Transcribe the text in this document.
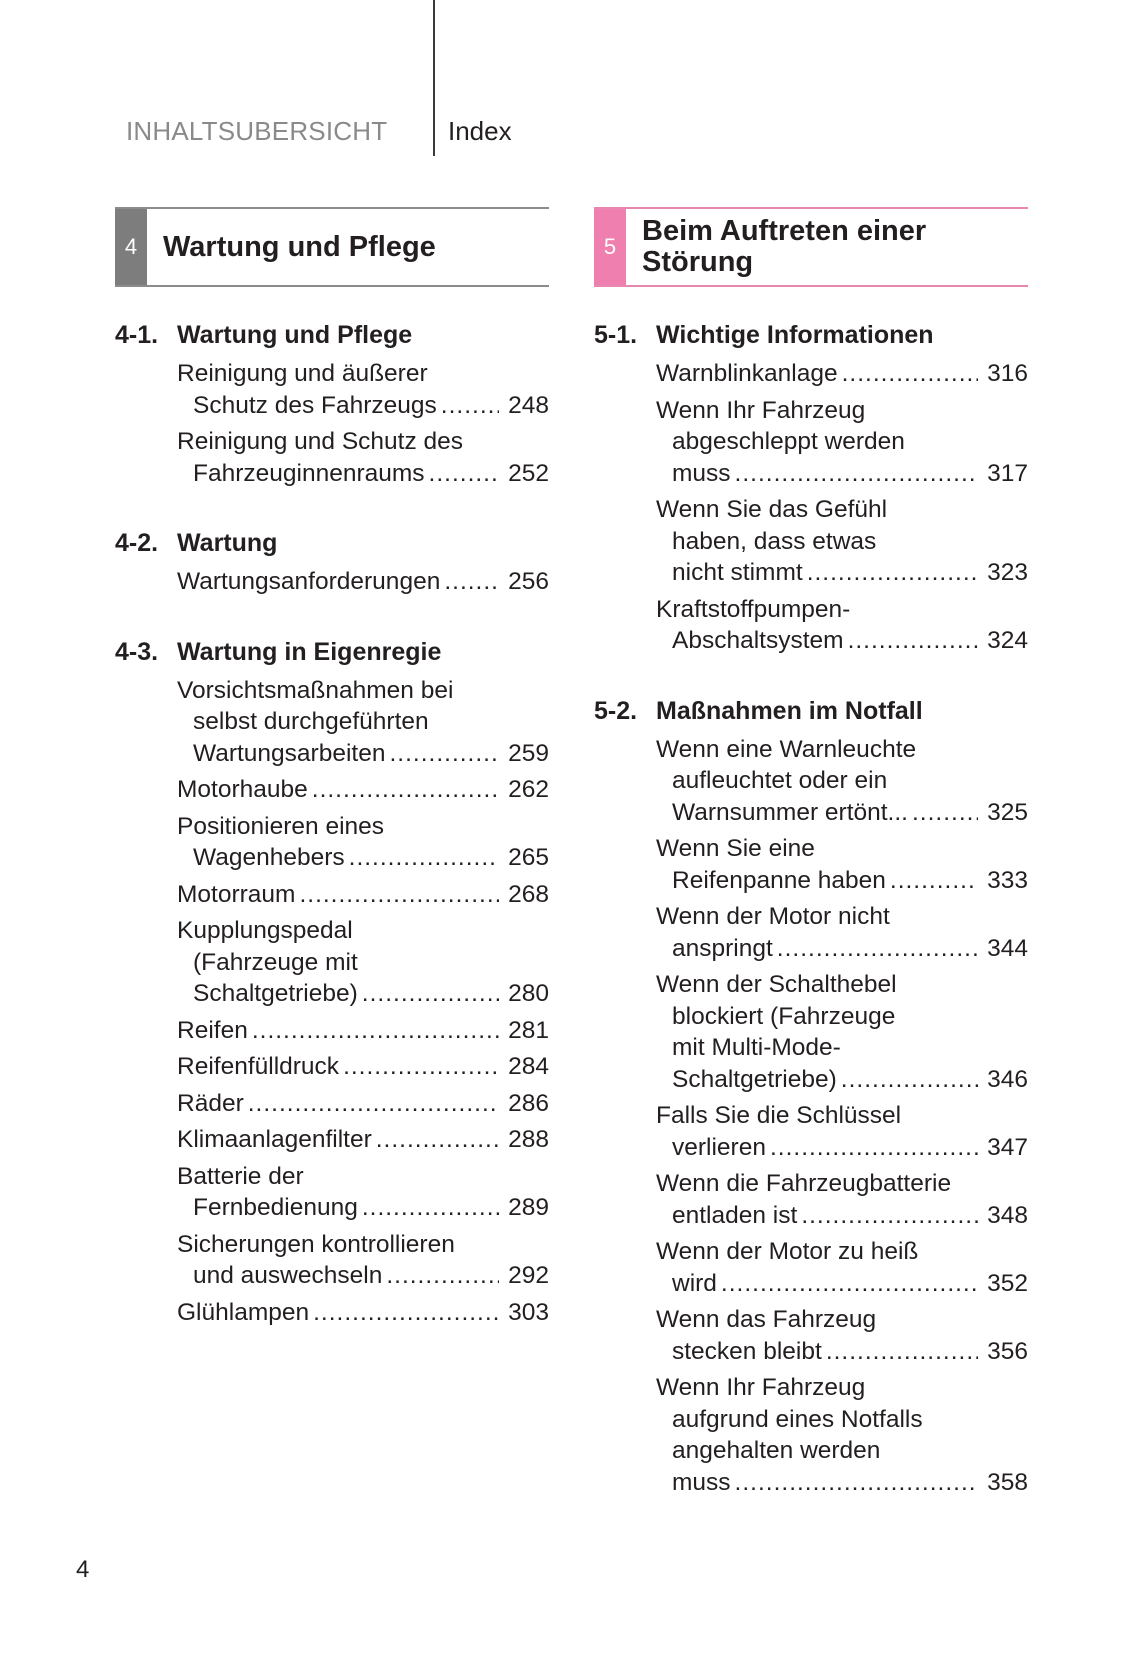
INHALTSUBERSICHT Index
4 Wartung und Pflege
4-1. Wartung und Pflege
Reinigung und äußerer
Schutz des Fahrzeugs .....	248
Reinigung und Schutz des
Fahrzeuginnenraums .....	252
4-2. Wartung
Wartungsanforderungen .....	256
4-3. Wartung in Eigenregie
Vorsichtsmaßnahmen bei
selbst durchgeführten
Wartungsarbeiten .....	259
Motorhaube .....	262
Positionieren eines
Wagenhebers .....	265
Motorraum .....	268
Kupplungspedal
(Fahrzeuge mit
Schaltgetriebe) .....	280
Reifen .....	281
Reifenfülldruck .....	284
Räder .....	286
Klimaanlagenfilter .....	288
Batterie der
Fernbedienung .....	289
Sicherungen kontrollieren
und auswechseln .....	292
Glühlampen .....	303
5 Beim Auftreten einer
Störung
5-1. Wichtige Informationen
Warnblinkanlage .....	316
Wenn Ihr Fahrzeug
abgeschleppt werden
muss .....	317
Wenn Sie das Gefühl
haben, dass etwas
nicht stimmt .....	323
Kraftstoffpumpen-
Abschaltsystem .....	324
5-2. Maßnahmen im Notfall
Wenn eine Warnleuchte
aufleuchtet oder ein
Warnsummer ertönt... .....	325
Wenn Sie eine
Reifenpanne haben .....	333
Wenn der Motor nicht
anspringt .....	344
Wenn der Schalthebel
blockiert (Fahrzeuge
mit Multi-Mode-
Schaltgetriebe) .....	346
Falls Sie die Schlüssel
verlieren .....	347
Wenn die Fahrzeugbatterie
entladen ist .....	348
Wenn der Motor zu heiß
wird .....	352
Wenn das Fahrzeug
stecken bleibt .....	356
Wenn Ihr Fahrzeug
aufgrund eines Notfalls
angehalten werden
muss .....	358
4
